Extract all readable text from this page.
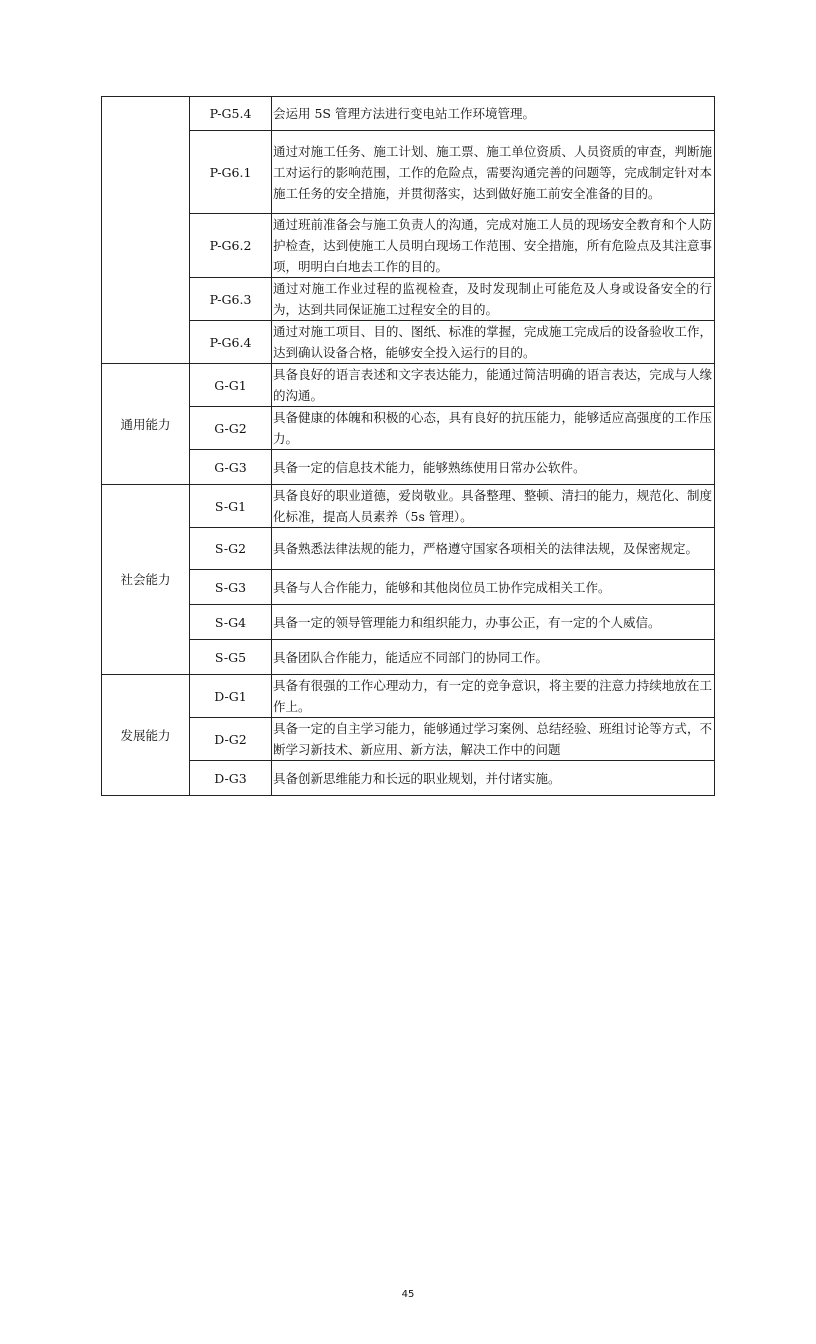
	P-G5.4	会运用 5S 管理方法进行变电站工作环境管理。
	P-G6.1	通过对施工任务、施工计划、施工票、施工单位资质、人员资质的审查，判断施工对运行的影响范围，工作的危险点，需要沟通完善的问题等，完成制定针对本施工任务的安全措施，并贯彻落实，达到做好施工前安全准备的目的。
	P-G6.2	通过班前准备会与施工负责人的沟通，完成对施工人员的现场安全教育和个人防护检查，达到使施工人员明白现场工作范围、安全措施，所有危险点及其注意事项，明明白白地去工作的目的。
	P-G6.3	通过对施工作业过程的监视检查，及时发现制止可能危及人身或设备安全的行为，达到共同保证施工过程安全的目的。
	P-G6.4	通过对施工项目、目的、图纸、标准的掌握，完成施工完成后的设备验收工作，达到确认设备合格，能够安全投入运行的目的。
通用能力	G-G1	具备良好的语言表述和文字表达能力，能通过简洁明确的语言表达，完成与人缘的沟通。
	G-G2	具备健康的体魄和积极的心态，具有良好的抗压能力，能够适应高强度的工作压力。
	G-G3	具备一定的信息技术能力，能够熟练使用日常办公软件。
社会能力	S-G1	具备良好的职业道德，爱岗敬业。具备整理、整顿、清扫的能力，规范化、制度化标准，提高人员素养（5s 管理）。
	S-G2	具备熟悉法律法规的能力，严格遵守国家各项相关的法律法规，及保密规定。
	S-G3	具备与人合作能力，能够和其他岗位员工协作完成相关工作。
	S-G4	具备一定的领导管理能力和组织能力，办事公正，有一定的个人威信。
	S-G5	具备团队合作能力，能适应不同部门的协同工作。
发展能力	D-G1	具备有很强的工作心理动力，有一定的竞争意识，将主要的注意力持续地放在工作上。
	D-G2	具备一定的自主学习能力，能够通过学习案例、总结经验、班组讨论等方式，不断学习新技术、新应用、新方法，解决工作中的问题
	D-G3	具备创新思维能力和长远的职业规划，并付诸实施。
45
